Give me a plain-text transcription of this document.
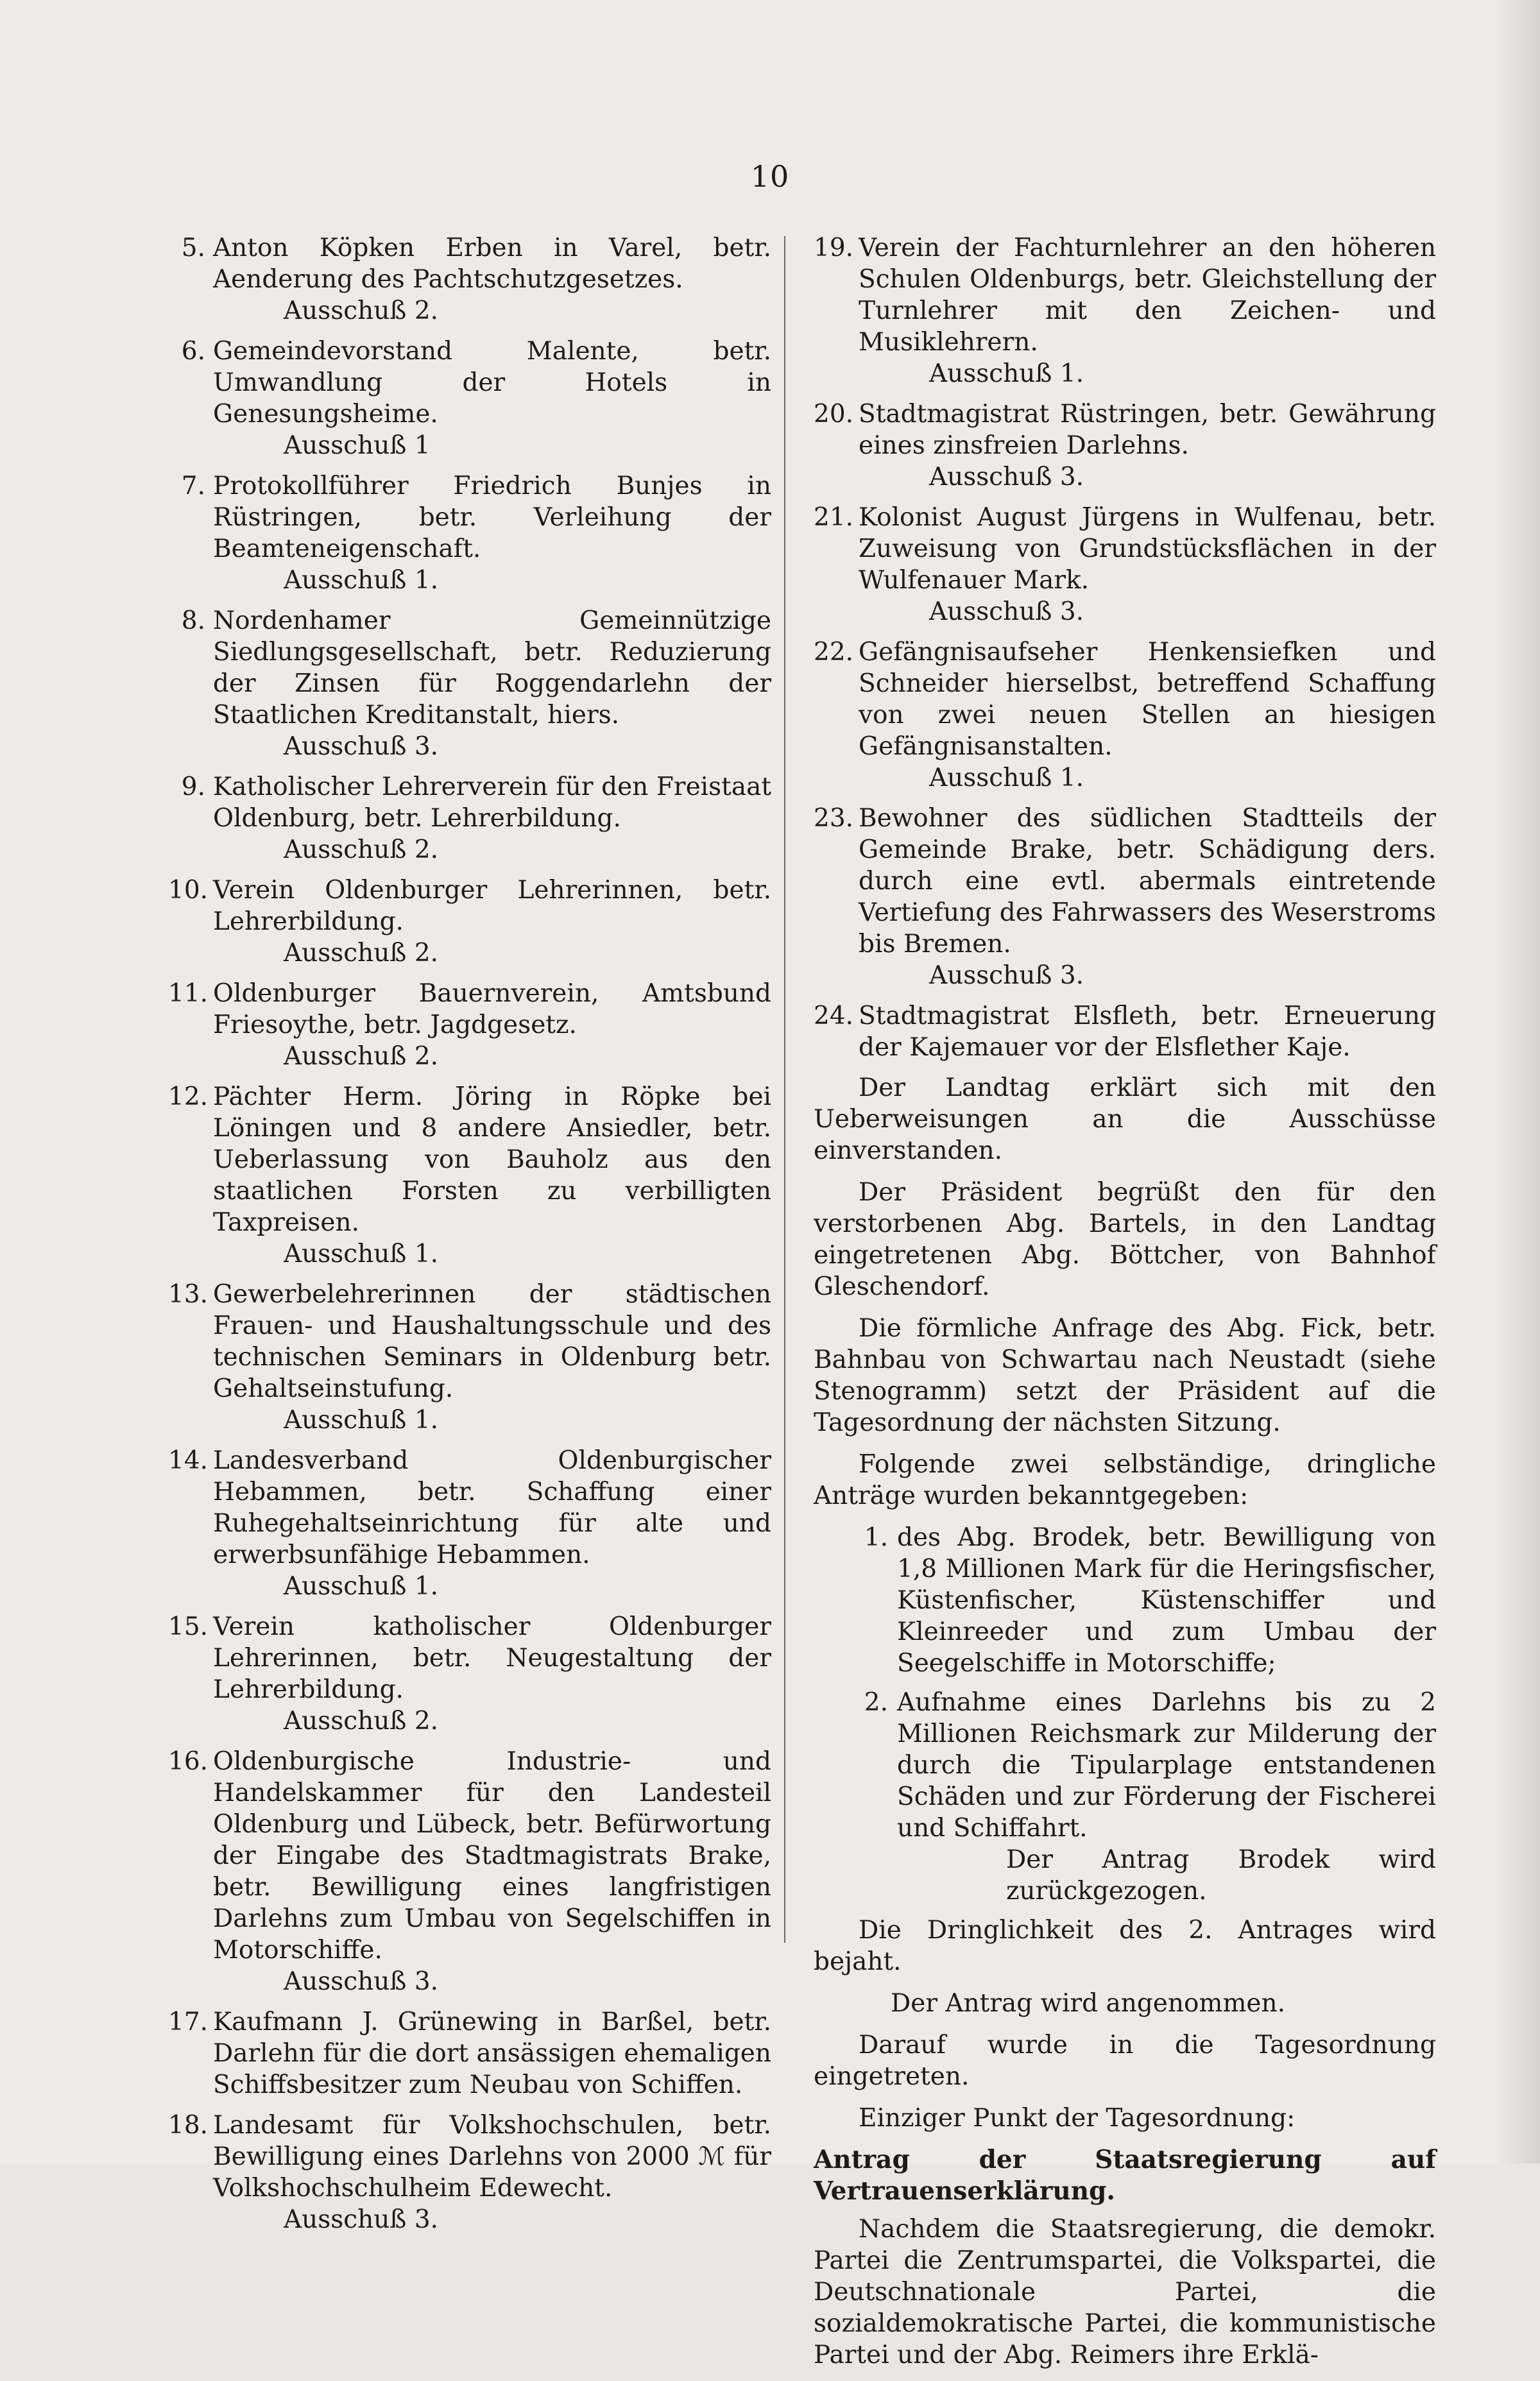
10
5. Anton Köpken Erben in Varel, betr. Aenderung des Pachtschutzgesetzes.
Ausschuß 2.
6. Gemeindevorstand Malente, betr. Umwandlung der Hotels in Genesungsheime.
Ausschuß 1
7. Protokollführer Friedrich Bunjes in Rüstringen, betr. Verleihung der Beamteneigenschaft.
Ausschuß 1.
8. Nordenhamer Gemeinnützige Siedlungsgesellschaft, betr. Reduzierung der Zinsen für Roggendarlehn der Staatlichen Kreditanstalt, hiers.
Ausschuß 3.
9. Katholischer Lehrerverein für den Freistaat Oldenburg, betr. Lehrerbildung.
Ausschuß 2.
10. Verein Oldenburger Lehrerinnen, betr. Lehrerbildung.
Ausschuß 2.
11. Oldenburger Bauernverein, Amtsbund Friesoythe, betr. Jagdgesetz.
Ausschuß 2.
12. Pächter Herm. Jöring in Röpke bei Löningen und 8 andere Ansiedler, betr. Ueberlassung von Bauholz aus den staatlichen Forsten zu verbilligten Taxpreisen.
Ausschuß 1.
13. Gewerbelehrerinnen der städtischen Frauen- und Haushaltungsschule und des technischen Seminars in Oldenburg betr. Gehaltseinstufung.
Ausschuß 1.
14. Landesverband Oldenburgischer Hebammen, betr. Schaffung einer Ruhegehaltseinrichtung für alte und erwerbsunfähige Hebammen.
Ausschuß 1.
15. Verein katholischer Oldenburger Lehrerinnen, betr. Neugestaltung der Lehrerbildung.
Ausschuß 2.
16. Oldenburgische Industrie- und Handelskammer für den Landesteil Oldenburg und Lübeck, betr. Befürwortung der Eingabe des Stadtmagistrats Brake, betr. Bewilligung eines langfristigen Darlehns zum Umbau von Segelschiffen in Motorschiffe.
Ausschuß 3.
17. Kaufmann J. Grünewing in Barßel, betr. Darlehn für die dort ansässigen ehemaligen Schiffsbesitzer zum Neubau von Schiffen.
18. Landesamt für Volkshochschulen, betr. Bewilligung eines Darlehns von 2000 ℳ für Volkshochschulheim Edewecht.
Ausschuß 3.
19. Verein der Fachturnlehrer an den höheren Schulen Oldenburgs, betr. Gleichstellung der Turnlehrer mit den Zeichen- und Musiklehrern.
Ausschuß 1.
20. Stadtmagistrat Rüstringen, betr. Gewährung eines zinsfreien Darlehns.
Ausschuß 3.
21. Kolonist August Jürgens in Wulfenau, betr. Zuweisung von Grundstücksflächen in der Wulfenauer Mark.
Ausschuß 3.
22. Gefängnisaufseher Henkensiefken und Schneider hierselbst, betreffend Schaffung von zwei neuen Stellen an hiesigen Gefängnisanstalten.
Ausschuß 1.
23. Bewohner des südlichen Stadtteils der Gemeinde Brake, betr. Schädigung ders. durch eine evtl. abermals eintretende Vertiefung des Fahrwassers des Weserstroms bis Bremen.
Ausschuß 3.
24. Stadtmagistrat Elsfleth, betr. Erneuerung der Kajemauer vor der Elsflether Kaje.
Der Landtag erklärt sich mit den Ueberweisungen an die Ausschüsse einverstanden.
Der Präsident begrüßt den für den verstorbenen Abg. Bartels, in den Landtag eingetretenen Abg. Böttcher, von Bahnhof Gleschendorf.
Die förmliche Anfrage des Abg. Fick, betr. Bahnbau von Schwartau nach Neustadt (siehe Stenogramm) setzt der Präsident auf die Tagesordnung der nächsten Sitzung.
Folgende zwei selbständige, dringliche Anträge wurden bekanntgegeben:
1. des Abg. Brodek, betr. Bewilligung von 1,8 Millionen Mark für die Heringsfischer, Küstenfischer, Küstenschiffer und Kleinreeder und zum Umbau der Seegelschiffe in Motorschiffe;
2. Aufnahme eines Darlehns bis zu 2 Millionen Reichsmark zur Milderung der durch die Tipularplage entstandenen Schäden und zur Förderung der Fischerei und Schiffahrt.
Der Antrag Brodek wird zurückgezogen.
Die Dringlichkeit des 2. Antrages wird bejaht.
Der Antrag wird angenommen.
Darauf wurde in die Tagesordnung eingetreten.
Einziger Punkt der Tagesordnung:
Antrag der Staatsregierung auf Vertrauenserklärung.
Nachdem die Staatsregierung, die demokr. Partei die Zentrumspartei, die Volkspartei, die Deutschnationale Partei, die sozialdemokratische Partei, die kommunistische Partei und der Abg. Reimers ihre Erklä-
